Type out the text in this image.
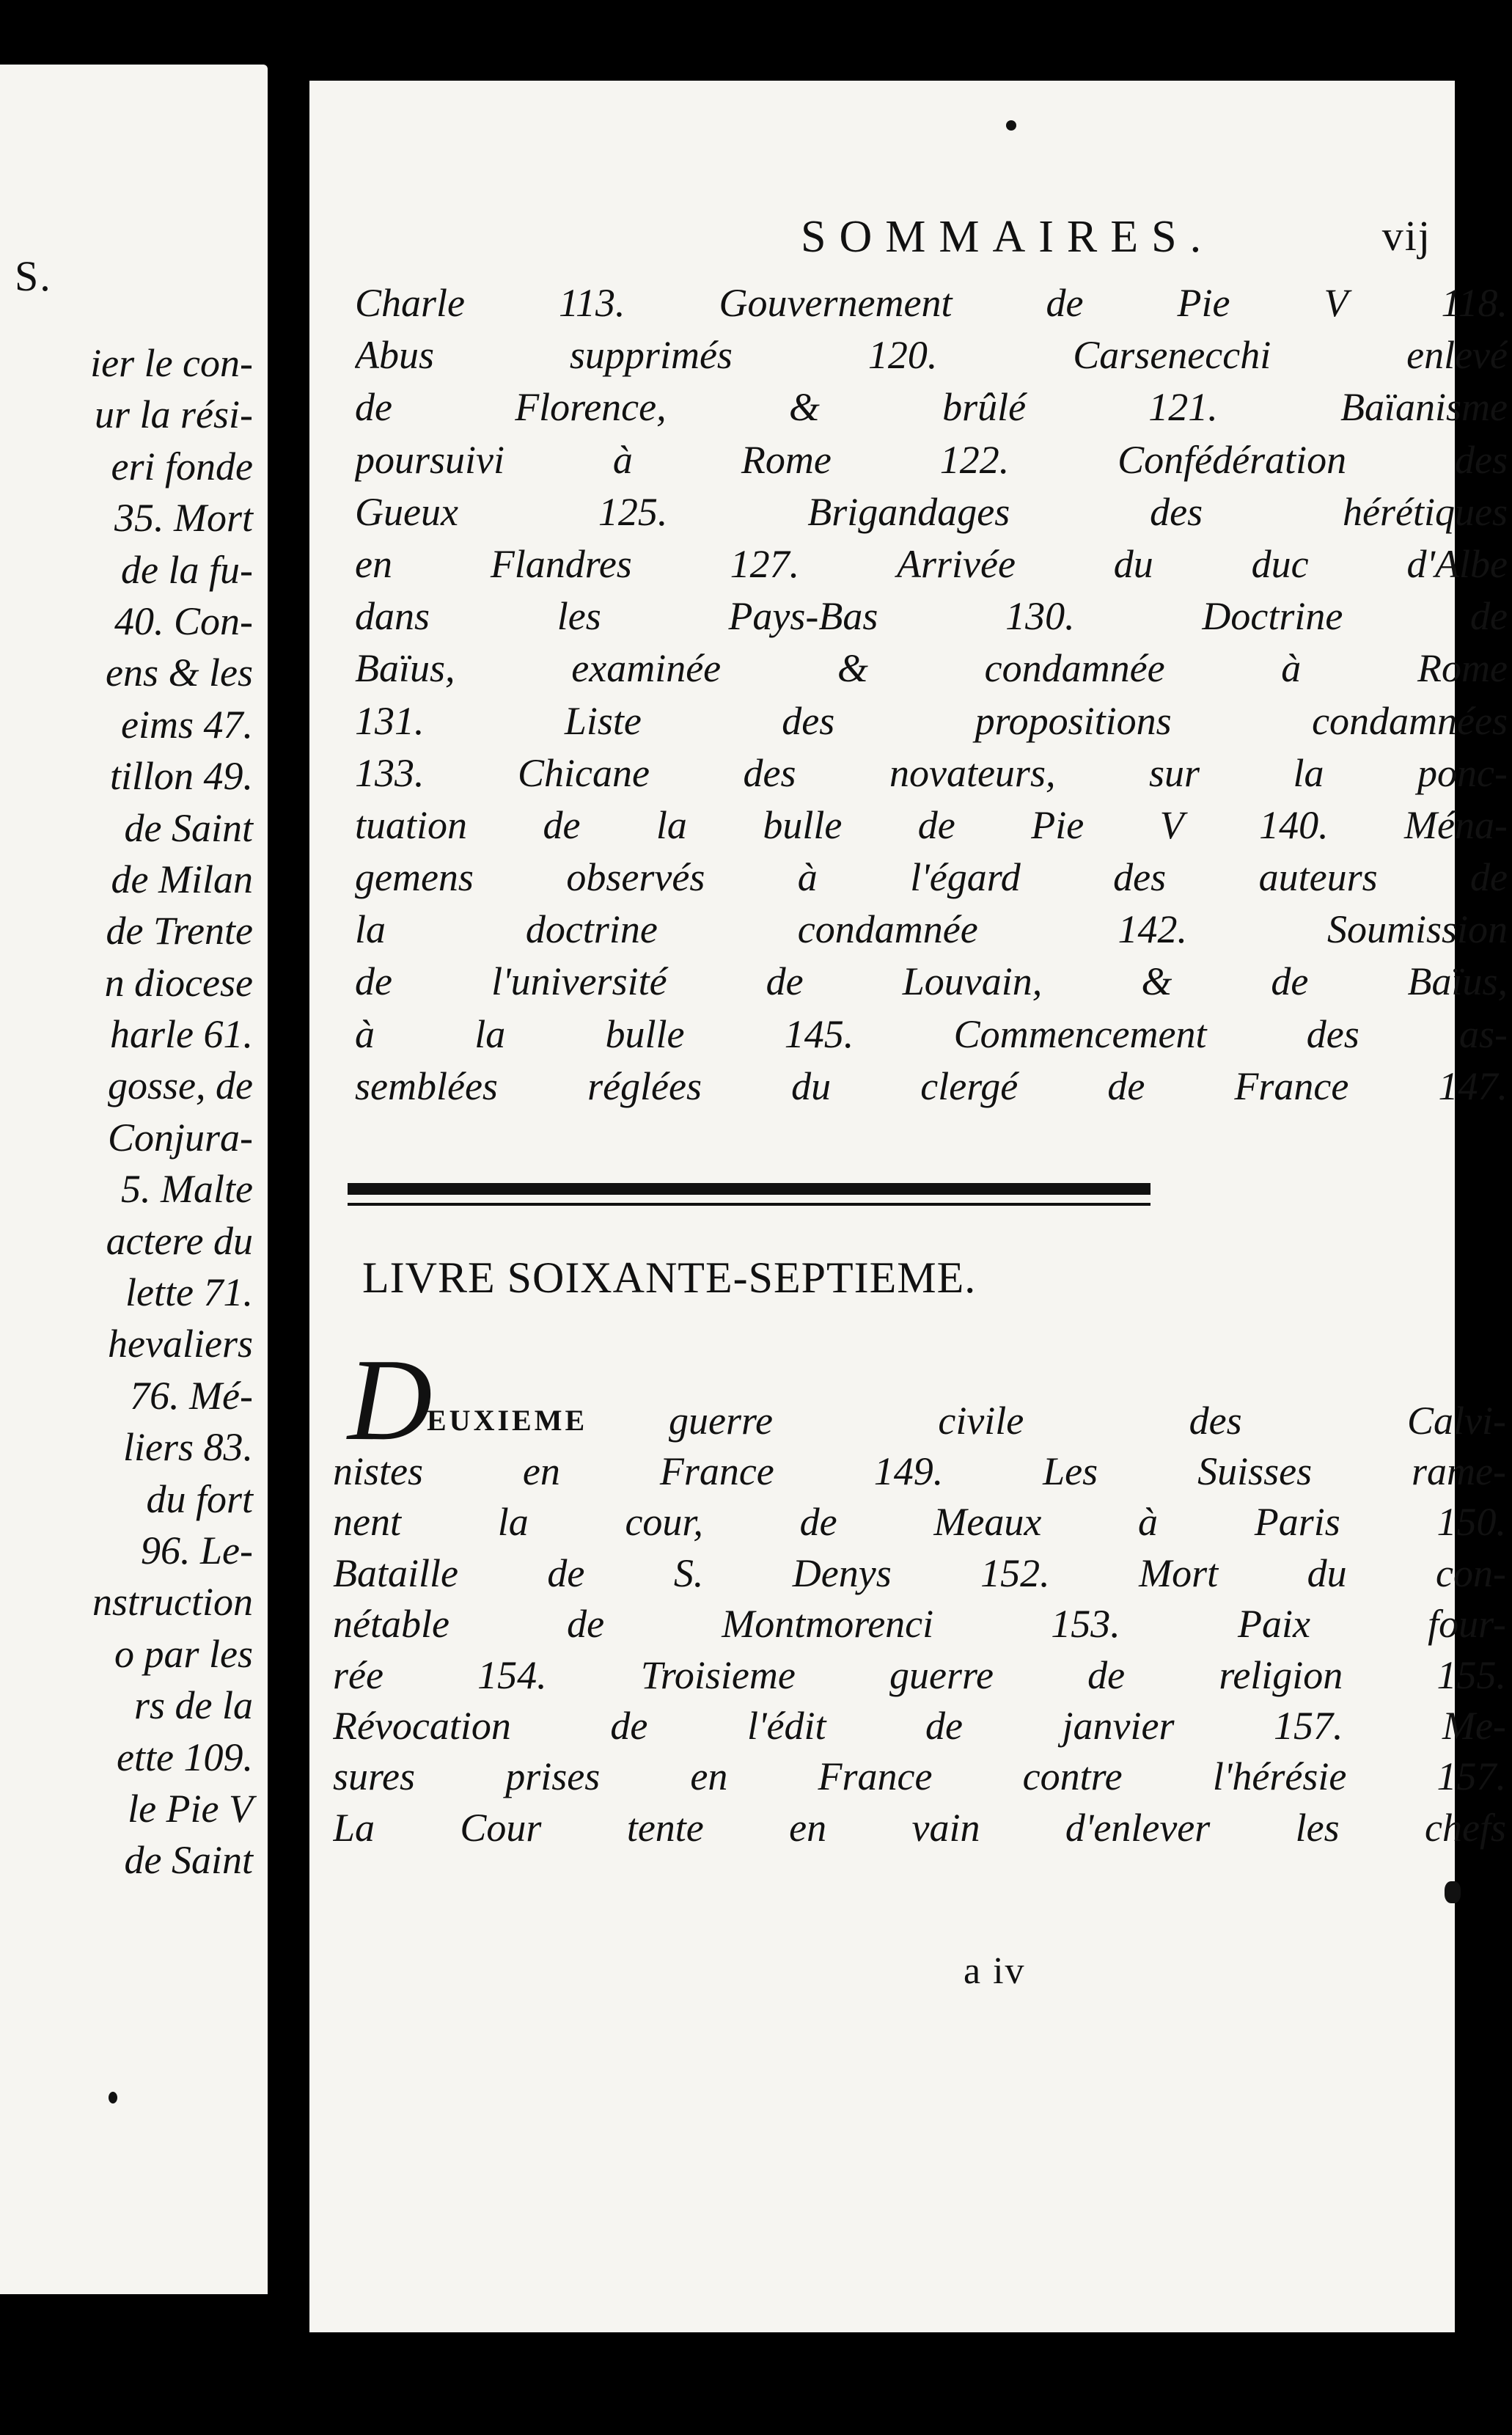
S.
ier le con-
ur la rési-
eri fonde
35. Mort
de la fu-
40. Con-
ens & les
eims 47.
tillon 49.
de Saint
de Milan
de Trente
n diocese
harle 61.
gosse, de
Conjura-
5. Malte
actere du
lette 71.
hevaliers
76. Mé-
liers 83.
du fort
96. Le-
nstruction
o par les
rs de la
ette 109.
le Pie V
de Saint
SOMMAIRES.	vij
Charle 113. Gouvernement de Pie V 118.
Abus supprimés 120. Carsenecchi enlevé
de Florence, & brûlé 121. Baïanisme
poursuivi à Rome 122. Confédération des
Gueux 125. Brigandages des hérétiques
en Flandres 127. Arrivée du duc d'Albe
dans les Pays-Bas 130. Doctrine de
Baïus, examinée & condamnée à Rome
131. Liste des propositions condamnées
133. Chicane des novateurs, sur la ponc-
tuation de la bulle de Pie V 140. Ména-
gemens observés à l'égard des auteurs de
la doctrine condamnée 142. Soumission
de l'université de Louvain, & de Baïus,
à la bulle 145. Commencement des as-
semblées réglées du clergé de France 147.
LIVRE SOIXANTE-SEPTIEME.
D
EUXIEME guerre civile des Calvi-
nistes en France 149. Les Suisses rame-
nent la cour, de Meaux à Paris 150.
Bataille de S. Denys 152. Mort du con-
nétable de Montmorenci 153. Paix four-
rée 154. Troisieme guerre de religion 155.
Révocation de l'édit de janvier 157. Me-
sures prises en France contre l'hérésie 157.
La Cour tente en vain d'enlever les chefs
a iv
